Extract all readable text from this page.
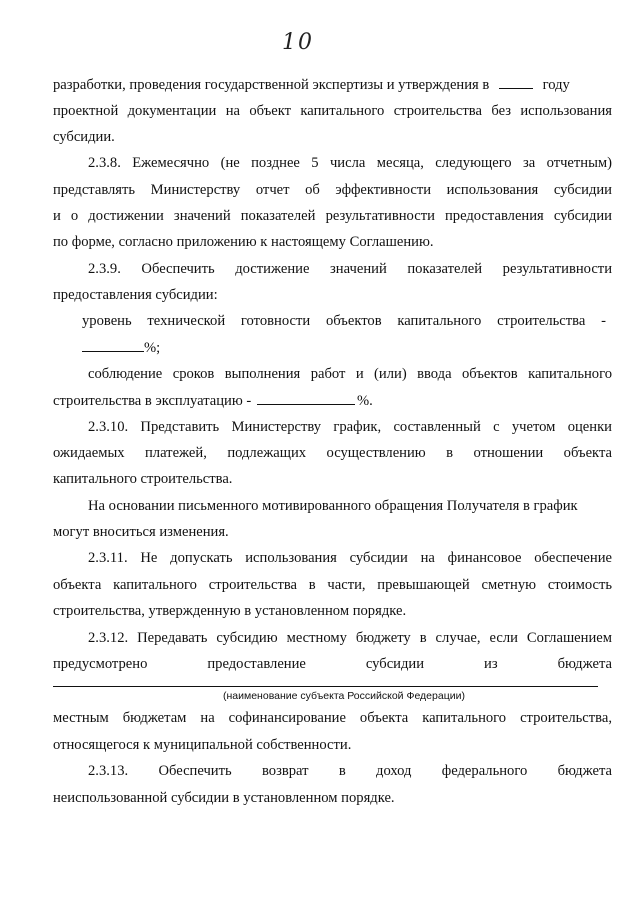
10
разработки, проведения государственной экспертизы и утверждения в	году
проектной документации на объект капитального строительства без использования
субсидии.
2.3.8. Ежемесячно (не позднее 5 числа месяца, следующего за отчетным)
представлять Министерству отчет об эффективности использования субсидии
и о достижении значений показателей результативности предоставления субсидии
по форме, согласно приложению к настоящему Соглашению.
2.3.9. Обеспечить достижение значений показателей результативности
предоставления субсидии:
уровень технической готовности объектов капитального строительства -
%;
соблюдение сроков выполнения работ и (или) ввода объектов капитального
строительства в эксплуатацию -	%.
2.3.10. Представить Министерству график, составленный с учетом оценки
ожидаемых платежей, подлежащих осуществлению в отношении объекта
капитального строительства.
На основании письменного мотивированного обращения Получателя в график
могут вноситься изменения.
2.3.11. Не допускать использования субсидии на финансовое обеспечение
объекта капитального строительства в части, превышающей сметную стоимость
строительства, утвержденную в установленном порядке.
2.3.12. Передавать субсидию местному бюджету в случае, если Соглашением
предусмотрено предоставление субсидии из бюджета
(наименование субъекта Российской Федерации)
местным бюджетам на софинансирование объекта капитального строительства,
относящегося к муниципальной собственности.
2.3.13. Обеспечить возврат в доход федерального бюджета
неиспользованной субсидии в установленном порядке.
